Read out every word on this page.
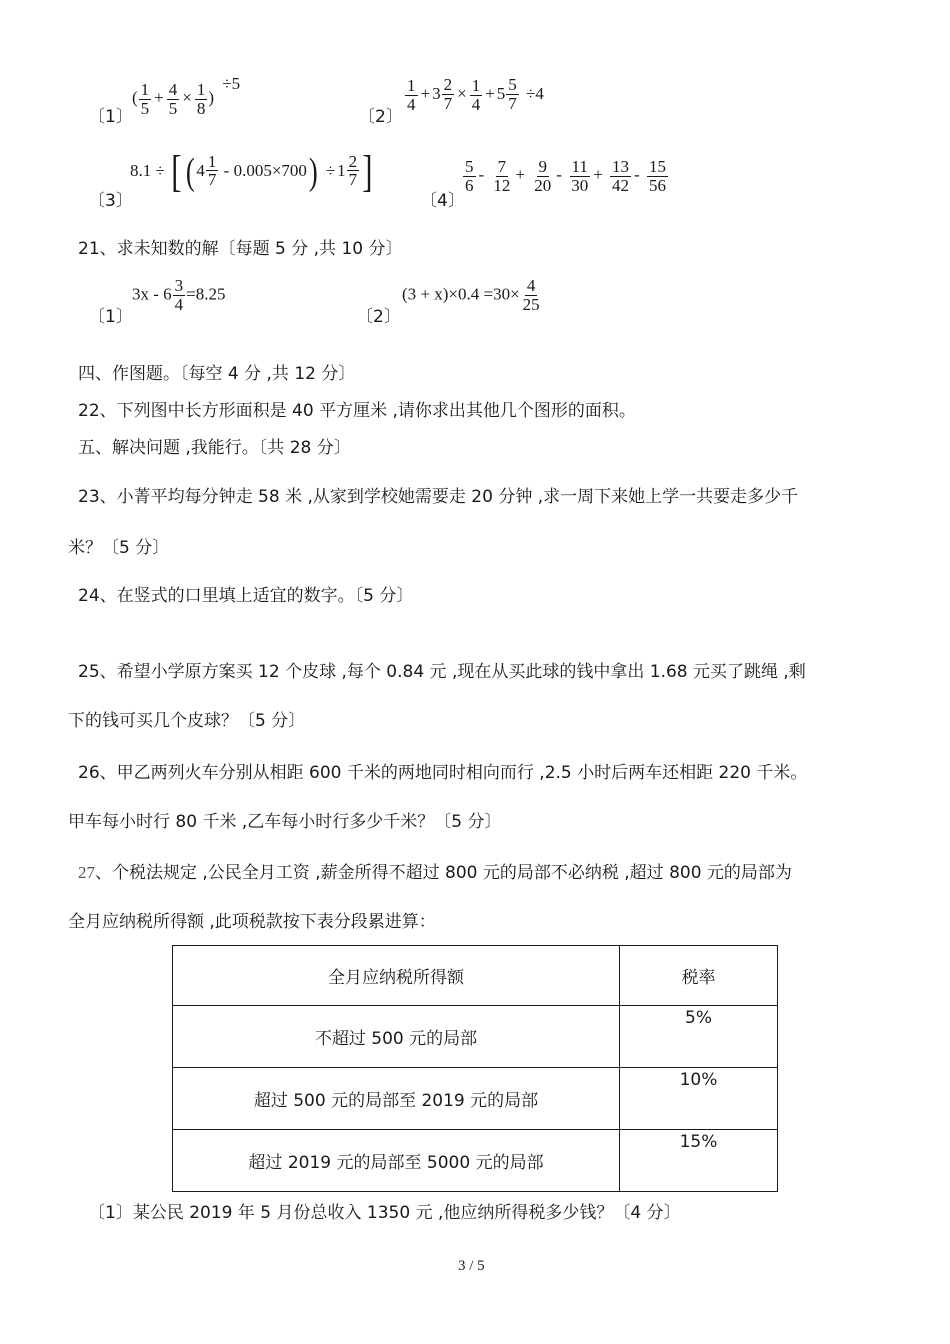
〔1〕
( $\frac{1}{5} + \frac{4}{5} \times \frac{1}{8}$ ) ÷5
〔2〕
$\frac{1}{4} + 3 \frac{2}{7} \times \frac{1}{4} + 5 \frac{5}{7} \div 4$
〔3〕
8.1 ÷ [ ( $4 \frac{1}{7} - 0.005\times 700) \div 1 \frac{2}{7}$ ]
〔4〕
$\frac{5}{6} - \frac{7}{12} + \frac{9}{20} - \frac{11}{30} + \frac{13}{42} - \frac{15}{56}$
21、求未知数的解〔每题 5 分 ,共 10 分〕
〔1〕
$3x - 6 \frac{3}{4} =8.25$
〔2〕
$(3 + x)\times 0.4 =30\times \frac{4}{25}$
四、作图题。〔每空 4 分 ,共 12 分〕
22、下列图中长方形面积是 40 平方厘米 ,请你求出其他几个图形的面积。
五、解决问题 ,我能行。〔共 28 分〕
23、小菁平均每分钟走 58 米 ,从家到学校她需要走 20 分钟 ,求一周下来她上学一共要走多少千
米？〔5 分〕
24、在竖式的口里填上适宜的数字。〔5 分〕
25、希望小学原方案买 12 个皮球 ,每个 0.84 元 ,现在从买此球的钱中拿出 1.68 元买了跳绳 ,剩
下的钱可买几个皮球？〔5 分〕
26、甲乙两列火车分别从相距 600 千米的两地同时相向而行 ,2.5 小时后两车还相距 220 千米。
甲车每小时行 80 千米 ,乙车每小时行多少千米？〔5 分〕
27、个税法规定 ,公民全月工资 ,薪金所得不超过 800 元的局部不必纳税 ,超过 800 元的局部为
全月应纳税所得额 ,此项税款按下表分段累进算：
全月应纳税所得额	税率
不超过 500 元的局部	5%
超过 500 元的局部至 2019 元的局部	10%
超过 2019 元的局部至 5000 元的局部	15%
〔1〕某公民 2019 年 5 月份总收入 1350 元 ,他应纳所得税多少钱？〔4 分〕
3 / 5
